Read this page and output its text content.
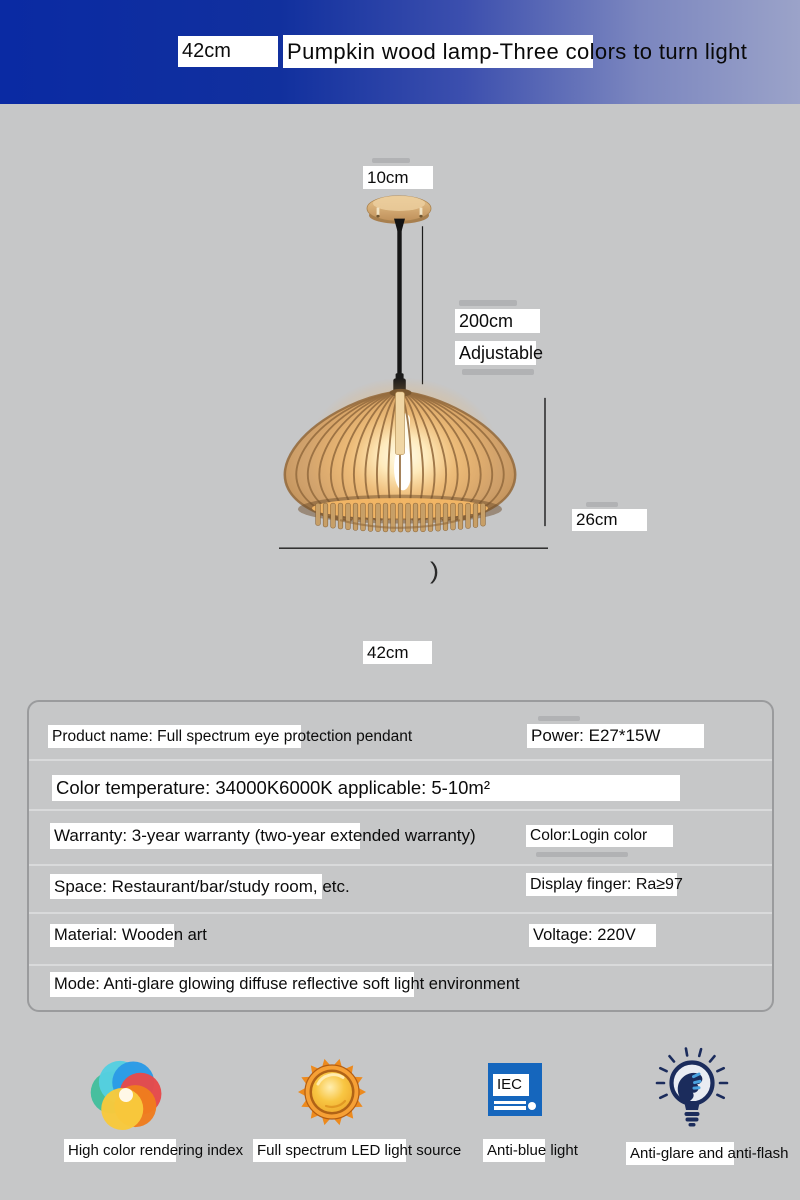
42cm	Pumpkin wood lamp-Three colors to turn light
)
10cm
200cm
Adjustable
26cm
42cm
Product name: Full spectrum eye protection pendant	Power: E27*15W
Color temperature: 34000K6000K applicable: 5-10m²
Warranty: 3-year warranty (two-year extended warranty)	Color:Login color
Space: Restaurant/bar/study room, etc.	Display finger: Ra≥97
Material: Wooden art	Voltage: 220V
Mode: Anti-glare glowing diffuse reflective soft light environment
High color rendering index Full spectrum LED light source
IEC
Anti-blue light	Anti-glare and anti-flash
